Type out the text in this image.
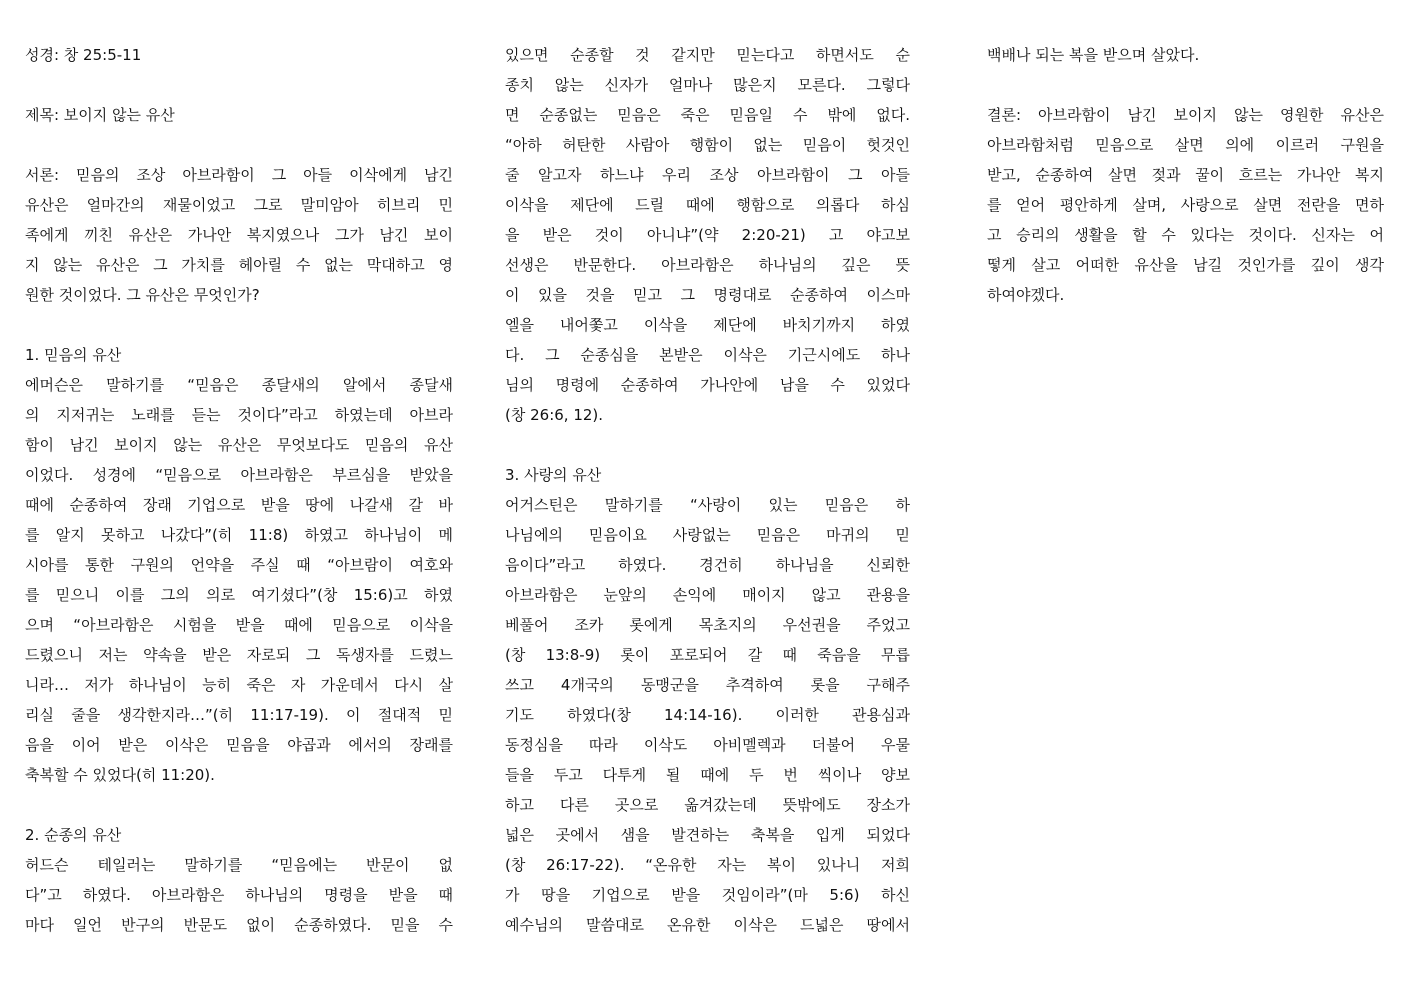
성경: 창 25:5-11
제목: 보이지 않는 유산
서론: 믿음의 조상 아브라함이 그 아들 이삭에게 남긴
유산은 얼마간의 재물이었고 그로 말미암아 히브리 민
족에게 끼친 유산은 가나안 복지였으나 그가 남긴 보이
지 않는 유산은 그 가치를 헤아릴 수 없는 막대하고 영
원한 것이었다. 그 유산은 무엇인가?
1. 믿음의 유산
에머슨은 말하기를 “믿음은 종달새의 알에서 종달새
의 지저귀는 노래를 듣는 것이다”라고 하였는데 아브라
함이 남긴 보이지 않는 유산은 무엇보다도 믿음의 유산
이었다. 성경에 “믿음으로 아브라함은 부르심을 받았을
때에 순종하여 장래 기업으로 받을 땅에 나갈새 갈 바
를 알지 못하고 나갔다”(히 11:8) 하였고 하나님이 메
시아를 통한 구원의 언약을 주실 때 “아브람이 여호와
를 믿으니 이를 그의 의로 여기셨다”(창 15:6)고 하였
으며 “아브라함은 시험을 받을 때에 믿음으로 이삭을
드렸으니 저는 약속을 받은 자로되 그 독생자를 드렸느
니라… 저가 하나님이 능히 죽은 자 가운데서 다시 살
리실 줄을 생각한지라…”(히 11:17-19). 이 절대적 믿
음을 이어 받은 이삭은 믿음을 야곱과 에서의 장래를
축복할 수 있었다(히 11:20).
2. 순종의 유산
허드슨 테일러는 말하기를 “믿음에는 반문이 없
다”고 하였다. 아브라함은 하나님의 명령을 받을 때
마다 일언 반구의 반문도 없이 순종하였다. 믿을 수
있으면 순종할 것 같지만 믿는다고 하면서도 순
종치 않는 신자가 얼마나 많은지 모른다. 그렇다
면 순종없는 믿음은 죽은 믿음일 수 밖에 없다.
“아하 허탄한 사람아 행함이 없는 믿음이 헛것인
줄 알고자 하느냐 우리 조상 아브라함이 그 아들
이삭을 제단에 드릴 때에 행함으로 의롭다 하심
을 받은 것이 아니냐”(약 2:20-21) 고 야고보
선생은 반문한다. 아브라함은 하나님의 깊은 뜻
이 있을 것을 믿고 그 명령대로 순종하여 이스마
엘을 내어쫓고 이삭을 제단에 바치기까지 하였
다. 그 순종심을 본받은 이삭은 기근시에도 하나
님의 명령에 순종하여 가나안에 남을 수 있었다
(창 26:6, 12).
3. 사랑의 유산
어거스틴은 말하기를 “사랑이 있는 믿음은 하
나님에의 믿음이요 사랑없는 믿음은 마귀의 믿
음이다”라고 하였다. 경건히 하나님을 신뢰한
아브라함은 눈앞의 손익에 매이지 않고 관용을
베풀어 조카 롯에게 목초지의 우선권을 주었고
(창 13:8-9) 롯이 포로되어 갈 때 죽음을 무릅
쓰고 4개국의 동맹군을 추격하여 롯을 구해주
기도 하였다(창 14:14-16). 이러한 관용심과
동정심을 따라 이삭도 아비멜렉과 더불어 우물
들을 두고 다투게 될 때에 두 번 씩이나 양보
하고 다른 곳으로 옮겨갔는데 뜻밖에도 장소가
넓은 곳에서 샘을 발견하는 축복을 입게 되었다
(창 26:17-22). “온유한 자는 복이 있나니 저희
가 땅을 기업으로 받을 것임이라”(마 5:6) 하신
예수님의 말씀대로 온유한 이삭은 드넓은 땅에서
백배나 되는 복을 받으며 살았다.
결론: 아브라함이 남긴 보이지 않는 영원한 유산은
아브라함처럼 믿음으로 살면 의에 이르러 구원을
받고, 순종하여 살면 젖과 꿀이 흐르는 가나안 복지
를 얻어 평안하게 살며, 사랑으로 살면 전란을 면하
고 승리의 생활을 할 수 있다는 것이다. 신자는 어
떻게 살고 어떠한 유산을 남길 것인가를 깊이 생각
하여야겠다.
